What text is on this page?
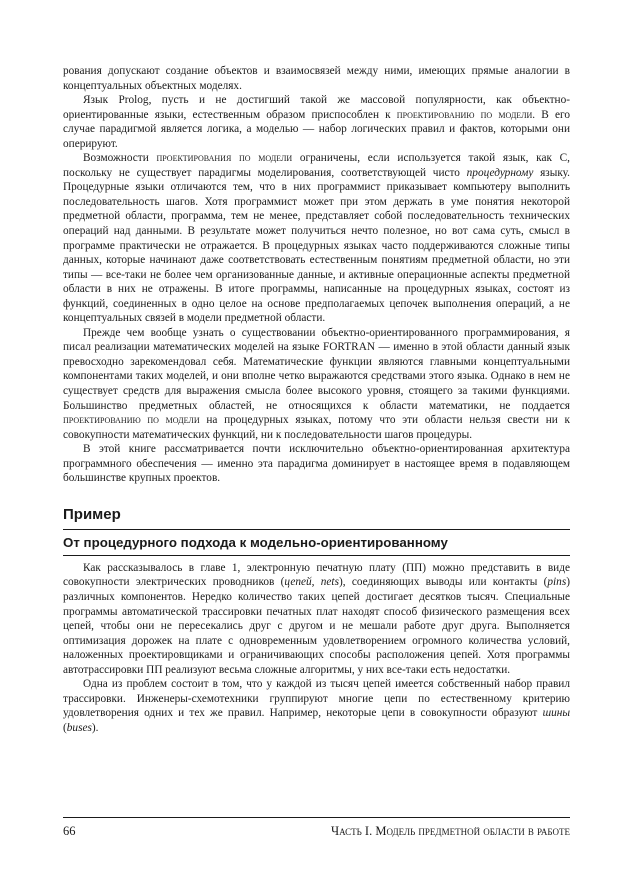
рования допускают создание объектов и взаимосвязей между ними, имеющих прямые аналогии в концептуальных объектных моделях.

Язык Prolog, пусть и не достигший такой же массовой популярности, как объектно-ориентированные языки, естественным образом приспособлен к проектированию по модели. В его случае парадигмой является логика, а моделью — набор логических правил и фактов, которыми они оперируют.

Возможности проектирования по модели ограничены, если используется такой язык, как C, поскольку не существует парадигмы моделирования, соответствующей чисто процедурному языку. Процедурные языки отличаются тем, что в них программист приказывает компьютеру выполнить последовательность шагов. Хотя программист может при этом держать в уме понятия некоторой предметной области, программа, тем не менее, представляет собой последовательность технических операций над данными. В результате может получиться нечто полезное, но вот сама суть, смысл в программе практически не отражается. В процедурных языках часто поддерживаются сложные типы данных, которые начинают даже соответствовать естественным понятиям предметной области, но эти типы — все-таки не более чем организованные данные, и активные операционные аспекты предметной области в них не отражены. В итоге программы, написанные на процедурных языках, состоят из функций, соединенных в одно целое на основе предполагаемых цепочек выполнения операций, а не концептуальных связей в модели предметной области.

Прежде чем вообще узнать о существовании объектно-ориентированного программирования, я писал реализации математических моделей на языке FORTRAN — именно в этой области данный язык превосходно зарекомендовал себя. Математические функции являются главными концептуальными компонентами таких моделей, и они вполне четко выражаются средствами этого языка. Однако в нем не существует средств для выражения смысла более высокого уровня, стоящего за такими функциями. Большинство предметных областей, не относящихся к области математики, не поддается проектированию по модели на процедурных языках, потому что эти области нельзя свести ни к совокупности математических функций, ни к последовательности шагов процедуры.

В этой книге рассматривается почти исключительно объектно-ориентированная архитектура программного обеспечения — именно эта парадигма доминирует в настоящее время в подавляющем большинстве крупных проектов.

Пример
От процедурного подхода к модельно-ориентированному

Как рассказывалось в главе 1, электронную печатную плату (ПП) можно представить в виде совокупности электрических проводников (цепей, nets), соединяющих выводы или контакты (pins) различных компонентов. Нередко количество таких цепей достигает десятков тысяч. Специальные программы автоматической трассировки печатных плат находят способ физического размещения всех цепей, чтобы они не пересекались друг с другом и не мешали работе друг друга. Выполняется оптимизация дорожек на плате с одновременным удовлетворением огромного количества условий, наложенных проектировщиками и ограничивающих способы расположения цепей. Хотя программы автотрассировки ПП реализуют весьма сложные алгоритмы, у них все-таки есть недостатки.

Одна из проблем состоит в том, что у каждой из тысяч цепей имеется собственный набор правил трассировки. Инженеры-схемотехники группируют многие цепи по естественному критерию удовлетворения одних и тех же правил. Например, некоторые цепи в совокупности образуют шины (buses).

66	Часть I. Модель предметной области в работе
